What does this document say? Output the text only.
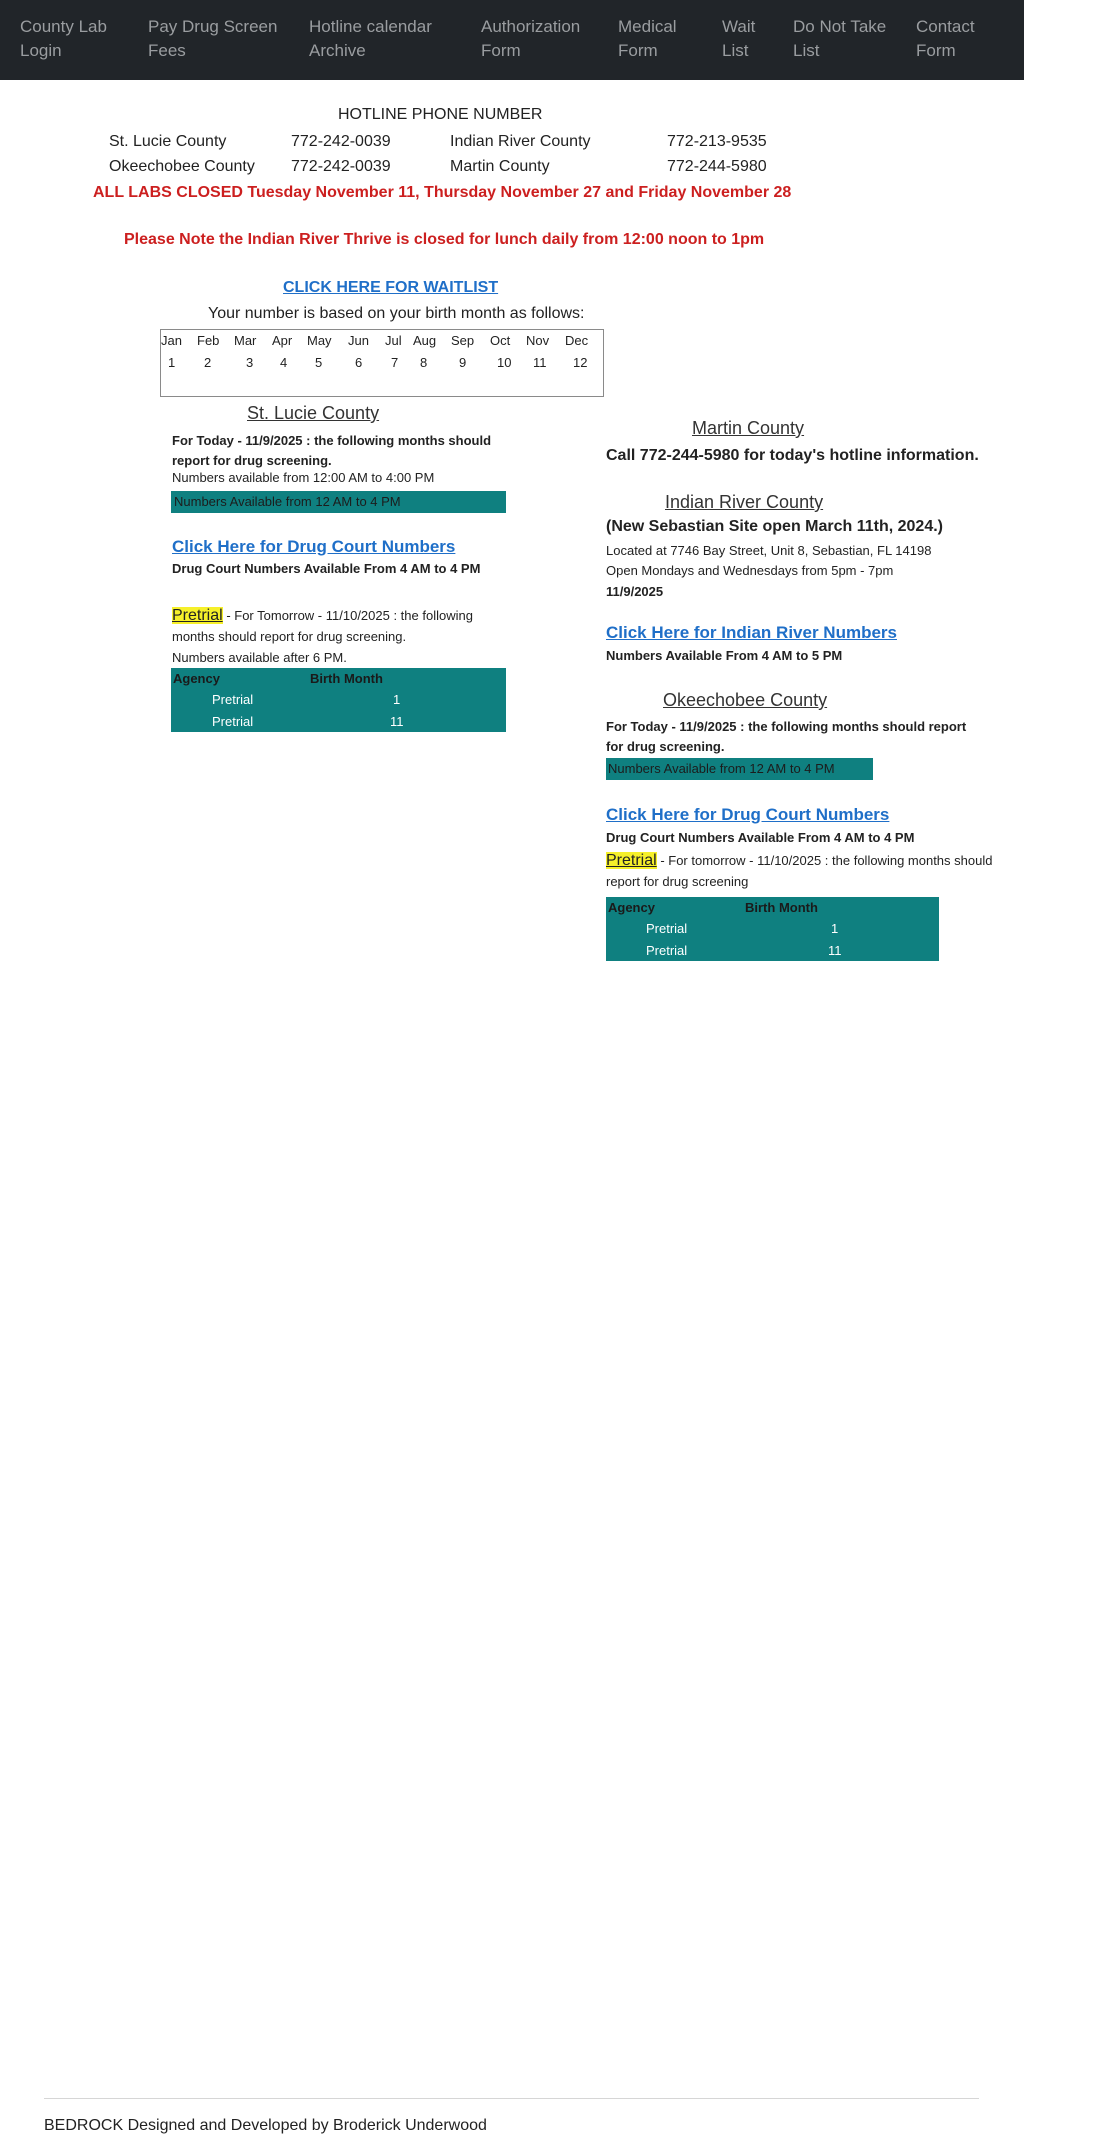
County Lab
Login
Pay Drug Screen
Fees
Hotline calendar
Archive
Authorization
Form
Medical
Form
Wait
List
Do Not Take
List
Contact
Form
HOTLINE PHONE NUMBER
St. Lucie County	772-242-0039	Indian River County	772-213-9535
Okeechobee County 772-242-0039	Martin County	772-244-5980
ALL LABS CLOSED Tuesday November 11, Thursday November 27 and Friday November 28
Please Note the Indian River Thrive is closed for lunch daily from 12:00 noon to 1pm
CLICK HERE FOR WAITLIST
Your number is based on your birth month as follows:
Jan Feb Mar Apr May Jun Jul Aug Sep Oct Nov Dec
1 2	3 4 5	6 7 8 9 10 11 12
St. Lucie County
For Today - 11/9/2025 : the following months should
report for drug screening.
Numbers available from 12:00 AM to 4:00 PM
Numbers Available from 12 AM to 4 PM
Click Here for Drug Court Numbers
Drug Court Numbers Available From 4 AM to 4 PM
Pretrial - For Tomorrow - 11/10/2025 : the following
months should report for drug screening.
Numbers available after 6 PM.
Agency	Birth Month
Pretrial	1
Pretrial	11
Martin County
Call 772-244-5980 for today's hotline information.
Indian River County
(New Sebastian Site open March 11th, 2024.)
Located at 7746 Bay Street, Unit 8, Sebastian, FL 14198
Open Mondays and Wednesdays from 5pm - 7pm
11/9/2025
Click Here for Indian River Numbers
Numbers Available From 4 AM to 5 PM
Okeechobee County
For Today - 11/9/2025 : the following months should report
for drug screening.
Numbers Available from 12 AM to 4 PM
Click Here for Drug Court Numbers
Drug Court Numbers Available From 4 AM to 4 PM
Pretrial - For tomorrow - 11/10/2025 : the following months should
report for drug screening
Agency	Birth Month
Pretrial	1
Pretrial	11
BEDROCK Designed and Developed by Broderick Underwood
